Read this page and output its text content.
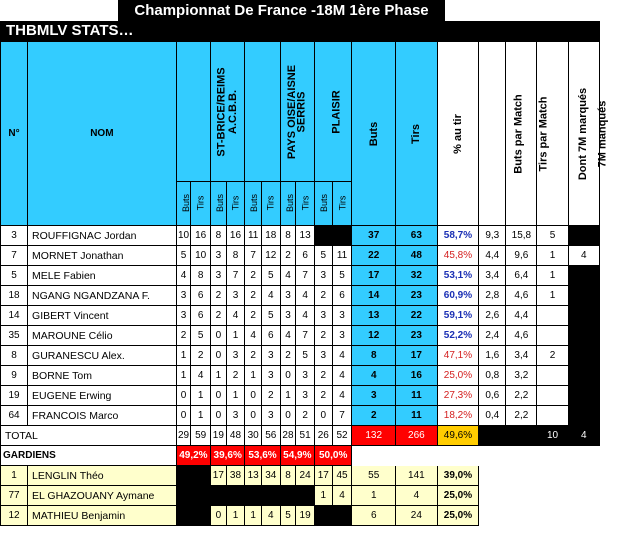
Championnat De France -18M 1ère Phase
THBMLV STATS…
N°	NOM	ST-BRICE/REIMS		A.C.B.B.		PAYS OISE/AISNE		SERRIS		PLAISIR		Buts	Tirs	% au tir	Buts par Match	Tirs par Match	Dont 7M marqués	7M manqués
		Buts	Tirs	Buts	Tirs	Buts	Tirs	Buts	Tirs	Buts	Tirs							
3	ROUFFIGNAC Jordan	10	16	8	16	11	18	8	13			37	63	58,7%	9,3	15,8	5	
7	MORNET Jonathan	5	10	3	8	7	12	2	6	5	11	22	48	45,8%	4,4	9,6	1	4
5	MELE Fabien	4	8	3	7	2	5	4	7	3	5	17	32	53,1%	3,4	6,4	1	
18	NGANG NGANDZANA F.	3	6	2	3	2	4	3	4	2	6	14	23	60,9%	2,8	4,6	1	
14	GIBERT Vincent	3	6	2	4	2	5	3	4	3	3	13	22	59,1%	2,6	4,4		
35	MAROUNE Célio	2	5	0	1	4	6	4	7	2	3	12	23	52,2%	2,4	4,6		
8	GURANESCU Alex.	1	2	0	3	2	3	2	5	3	4	8	17	47,1%	1,6	3,4	2	
9	BORNE Tom	1	4	1	2	1	3	0	3	2	4	4	16	25,0%	0,8	3,2		
19	EUGENE Erwing	0	1	0	1	0	2	1	3	2	4	3	11	27,3%	0,6	2,2		
64	FRANCOIS Marco	0	1	0	3	0	3	0	2	0	7	2	11	18,2%	0,4	2,2		
TOTAL		29	59	19	48	30	56	28	51	26	52	132	266	49,6%			10	4
GARDIENS		49,2%		39,6%		53,6%		54,9%		50,0%								
1	LENGLIN Théo			17	38	13	34	8	24	17	45	55	141	39,0%				
77	EL GHAZOUANY Aymane									1	4	1	4	25,0%				
12	MATHIEU Benjamin			0	1	1	4	5	19			6	24	25,0%				
